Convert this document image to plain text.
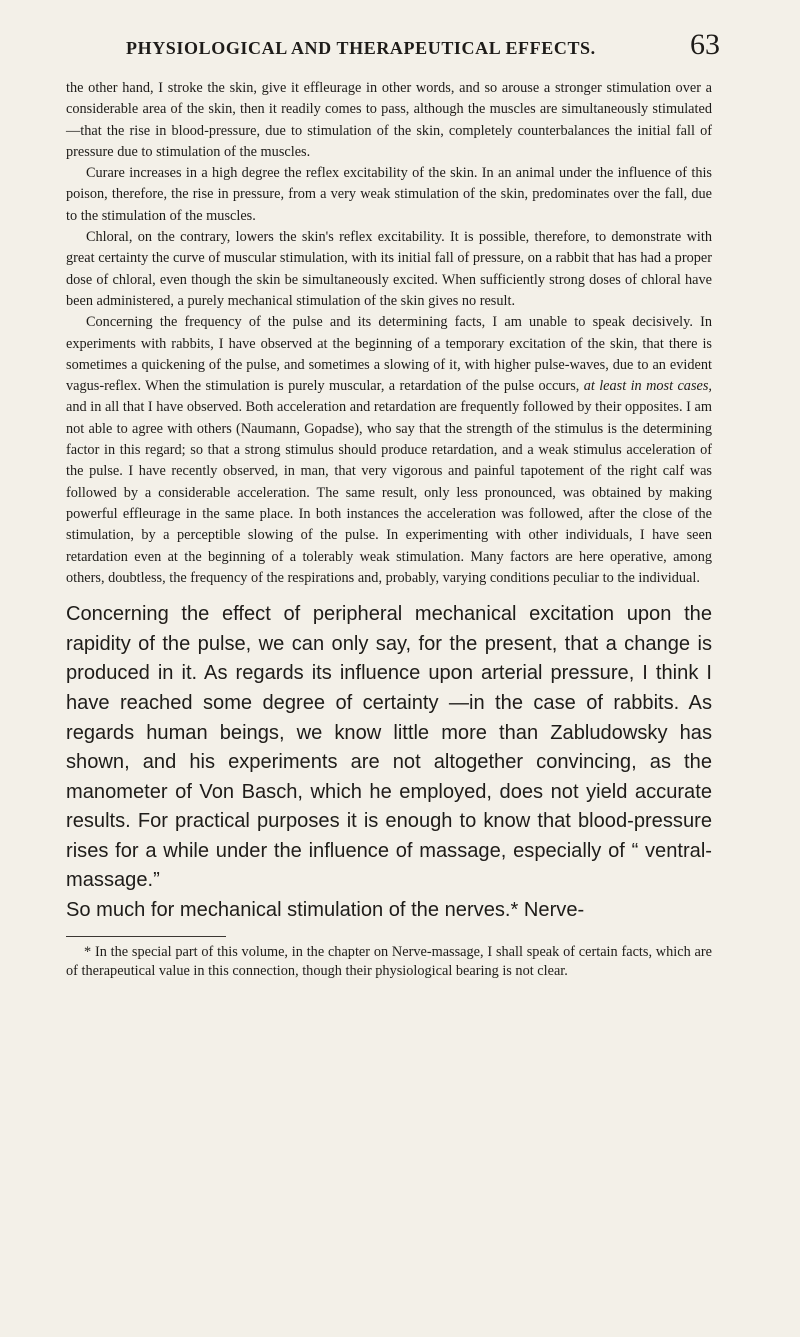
PHYSIOLOGICAL AND THERAPEUTICAL EFFECTS.	63

the other hand, I stroke the skin, give it effleurage in other words, and so arouse a stronger stimulation over a considerable area of the skin, then it readily comes to pass, although the muscles are simultaneously stimulated—that the rise in blood-pressure, due to stimulation of the skin, completely counterbalances the initial fall of pressure due to stimulation of the muscles.

Curare increases in a high degree the reflex excitability of the skin. In an animal under the influence of this poison, therefore, the rise in pressure, from a very weak stimulation of the skin, predominates over the fall, due to the stimulation of the muscles.

Chloral, on the contrary, lowers the skin's reflex excitability. It is possible, therefore, to demonstrate with great certainty the curve of muscular stimulation, with its initial fall of pressure, on a rabbit that has had a proper dose of chloral, even though the skin be simultaneously excited. When sufficiently strong doses of chloral have been administered, a purely mechanical stimulation of the skin gives no result.

Concerning the frequency of the pulse and its determining facts, I am unable to speak decisively. In experiments with rabbits, I have observed at the beginning of a temporary excitation of the skin, that there is sometimes a quickening of the pulse, and sometimes a slowing of it, with higher pulse-waves, due to an evident vagus-reflex. When the stimulation is purely muscular, a retardation of the pulse occurs, at least in most cases, and in all that I have observed. Both acceleration and retardation are frequently followed by their opposites. I am not able to agree with others (Naumann, Gopadse), who say that the strength of the stimulus is the determining factor in this regard; so that a strong stimulus should produce retardation, and a weak stimulus acceleration of the pulse. I have recently observed, in man, that very vigorous and painful tapotement of the right calf was followed by a considerable acceleration. The same result, only less pronounced, was obtained by making powerful effleurage in the same place. In both instances the acceleration was followed, after the close of the stimulation, by a perceptible slowing of the pulse. In experimenting with other individuals, I have seen retardation even at the beginning of a tolerably weak stimulation. Many factors are here operative, among others, doubtless, the frequency of the respirations and, probably, varying conditions peculiar to the individual.

Concerning the effect of peripheral mechanical excitation upon the rapidity of the pulse, we can only say, for the present, that a change is produced in it. As regards its influence upon arterial pressure, I think I have reached some degree of certainty —in the case of rabbits. As regards human beings, we know little more than Zabludowsky has shown, and his experiments are not altogether convincing, as the manometer of Von Basch, which he employed, does not yield accurate results. For practical purposes it is enough to know that blood-pressure rises for a while under the influence of massage, especially of “ ventral-massage.”

So much for mechanical stimulation of the nerves.* Nerve-

* In the special part of this volume, in the chapter on Nerve-massage, I shall speak of certain facts, which are of therapeutical value in this connection, though their physiological bearing is not clear.
